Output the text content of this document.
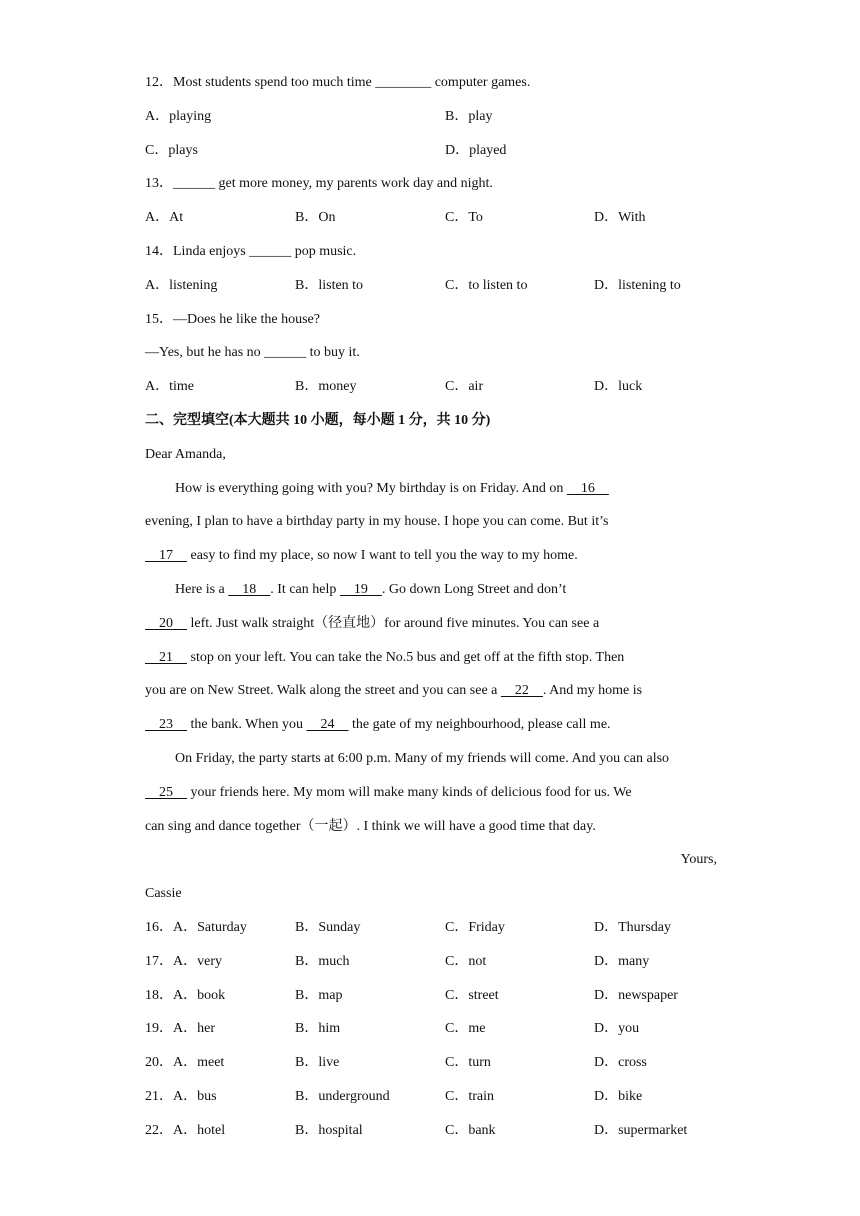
12．Most students spend too much time ________ computer games.
A．playing	B．play
C．plays	D．played
13．______ get more money, my parents work day and night.
A．At	B．On	C．To	D．With
14．Linda enjoys ______ pop music.
A．listening	B．listen to	C．to listen to	D．listening to
15．—Does he like the house?
—Yes, but he has no ______ to buy it.
A．time	B．money	C．air	D．luck
二、完型填空(本大题共 10 小题，每小题 1 分，共 10 分)
Dear Amanda,
How is everything going with you? My birthday is on Friday. And on     16
evening, I plan to have a birthday party in my house. I hope you can come. But it’s
17     easy to find my place, so now I want to tell you the way to my home.
Here is a     18    . It can help     19    . Go down Long Street and don’t
20     left. Just walk straight（径直地）for around five minutes. You can see a
21     stop on your left. You can take the No.5 bus and get off at the fifth stop. Then
you are on New Street. Walk along the street and you can see a     22    . And my home is
23     the bank. When you     24     the gate of my neighbourhood, please call me.
On Friday, the party starts at 6:00 p.m. Many of my friends will come. And you can also
25     your friends here. My mom will make many kinds of delicious food for us. We
can sing and dance together（一起）. I think we will have a good time that day.
Yours,
Cassie
16．A．Saturday	B．Sunday	C．Friday	D．Thursday
17．A．very	B．much	C．not	D．many
18．A．book	B．map	C．street	D．newspaper
19．A．her	B．him	C．me	D．you
20．A．meet	B．live	C．turn	D．cross
21．A．bus	B．underground	C．train	D．bike
22．A．hotel	B．hospital	C．bank	D．supermarket
